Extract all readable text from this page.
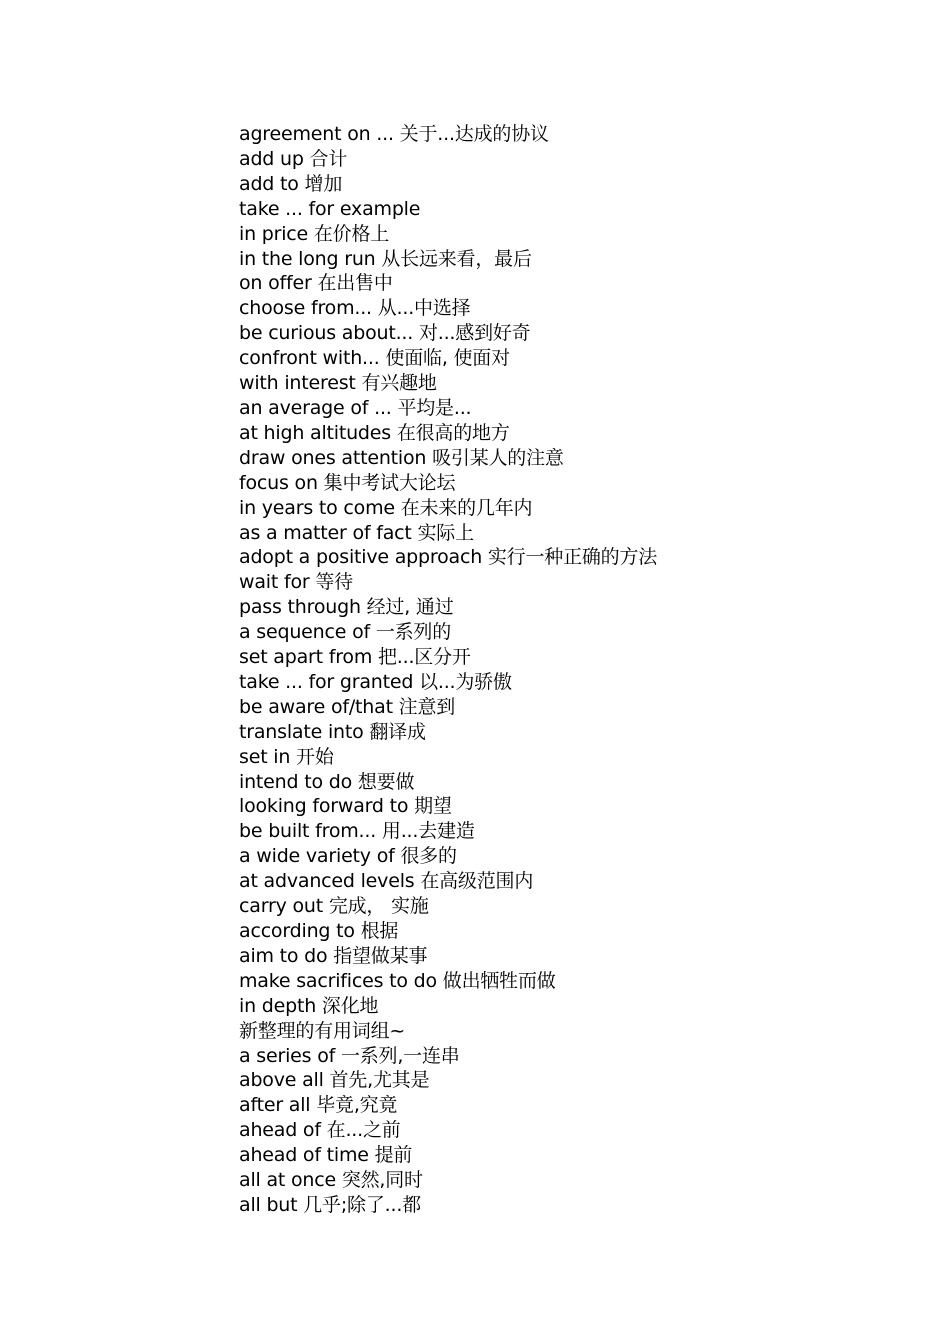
agreement on ... 关于...达成的协议
add up 合计
add to 增加
take ... for example
in price 在价格上
in the long run 从长远来看，最后
on offer 在出售中
choose from... 从...中选择
be curious about... 对...感到好奇
confront with... 使面临, 使面对
with interest 有兴趣地
an average of ... 平均是...
at high altitudes 在很高的地方
draw ones attention 吸引某人的注意
focus on 集中考试大论坛
in years to come 在未来的几年内
as a matter of fact 实际上
adopt a positive approach 实行一种正确的方法
wait for 等待
pass through 经过, 通过
a sequence of 一系列的
set apart from 把...区分开
take ... for granted 以...为骄傲
be aware of/that 注意到
translate into 翻译成
set in 开始
intend to do 想要做
looking forward to 期望
be built from... 用...去建造
a wide variety of 很多的
at advanced levels 在高级范围内
carry out 完成， 实施
according to 根据
aim to do 指望做某事
make sacrifices to do 做出牺牲而做
in depth 深化地
新整理的有用词组~
a series of 一系列,一连串
above all 首先,尤其是
after all 毕竟,究竟
ahead of 在...之前
ahead of time 提前
all at once 突然,同时
all but 几乎;除了...都
